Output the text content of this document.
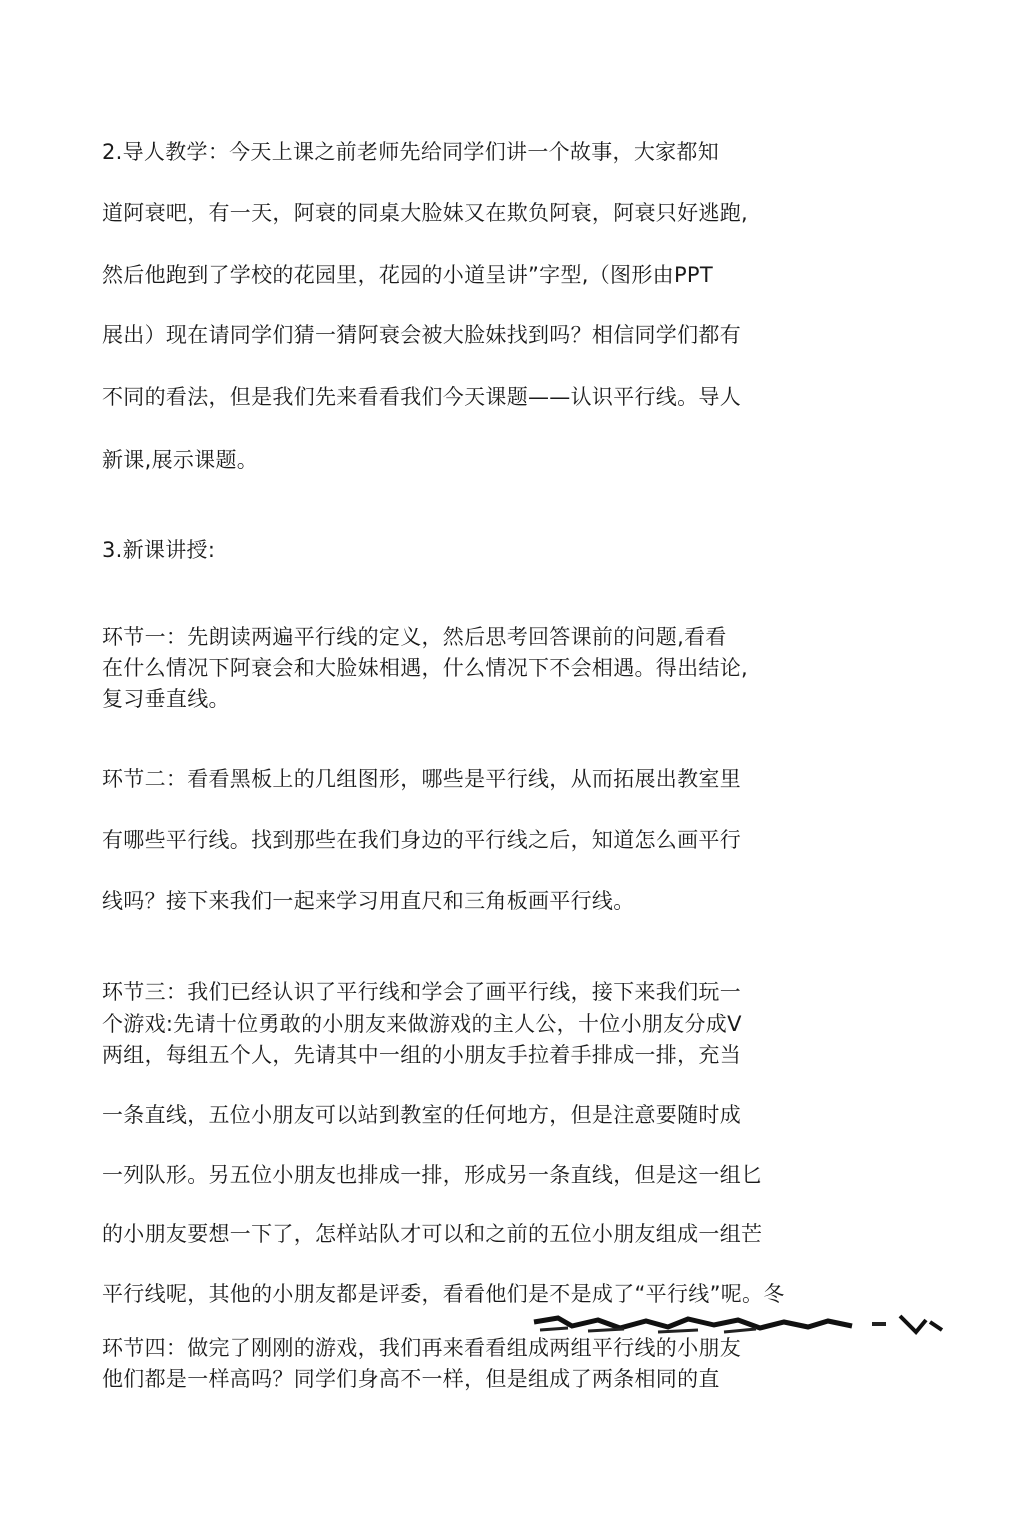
2.导人教学：今天上课之前老师先给同学们讲一个故事，大家都知
道阿衰吧，有一天，阿衰的同桌大脸妹又在欺负阿衰，阿衰只好逃跑,
然后他跑到了学校的花园里，花园的小道呈讲”字型,（图形由PPT
展出）现在请同学们猜一猜阿衰会被大脸妹找到吗？相信同学们都有
不同的看法，但是我们先来看看我们今天课题——认识平行线。导人
新课,展示课题。
3.新课讲授:
环节一：先朗读两遍平行线的定义，然后思考回答课前的问题,看看
在什么情况下阿衰会和大脸妹相遇，什么情况下不会相遇。得出结论,
复习垂直线。
环节二：看看黑板上的几组图形，哪些是平行线，从而拓展出教室里
有哪些平行线。找到那些在我们身边的平行线之后，知道怎么画平行
线吗？接下来我们一起来学习用直尺和三角板画平行线。
环节三：我们已经认识了平行线和学会了画平行线，接下来我们玩一
个游戏:先请十位勇敢的小朋友来做游戏的主人公，十位小朋友分成V
两组，每组五个人，先请其中一组的小朋友手拉着手排成一排，充当
一条直线，五位小朋友可以站到教室的任何地方，但是注意要随时成
一列队形。另五位小朋友也排成一排，形成另一条直线，但是这一组匕
的小朋友要想一下了，怎样站队才可以和之前的五位小朋友组成一组芒
平行线呢，其他的小朋友都是评委，看看他们是不是成了“平行线”呢。冬
环节四：做完了刚刚的游戏，我们再来看看组成两组平行线的小朋友
他们都是一样高吗？同学们身高不一样，但是组成了两条相同的直
